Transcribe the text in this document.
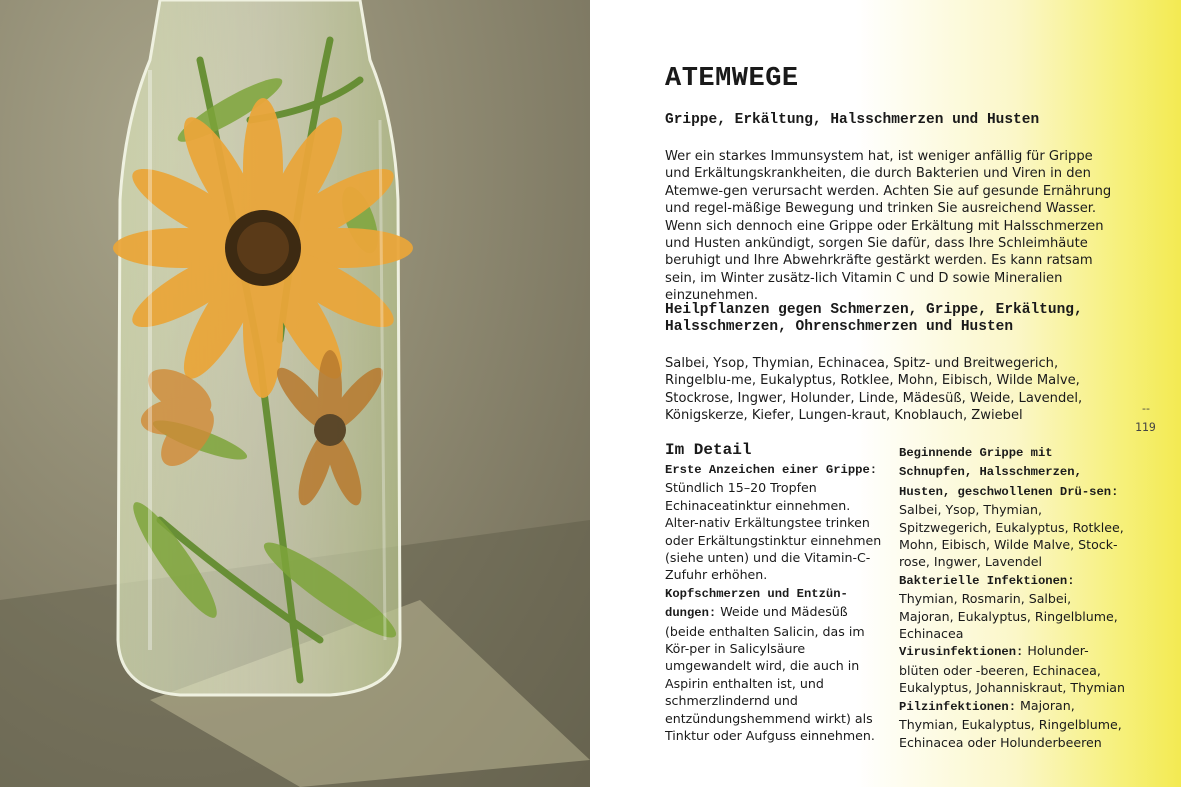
ATEMWEGE
Grippe, Erkältung, Halsschmerzen und Husten

Wer ein starkes Immunsystem hat, ist weniger anfällig für Grippe und Erkältungskrankheiten, die durch Bakterien und Viren in den Atemwe-gen verursacht werden. Achten Sie auf gesunde Ernährung und regel-mäßige Bewegung und trinken Sie ausreichend Wasser. Wenn sich dennoch eine Grippe oder Erkältung mit Halsschmerzen und Husten ankündigt, sorgen Sie dafür, dass Ihre Schleimhäute beruhigt und Ihre Abwehrkräfte gestärkt werden. Es kann ratsam sein, im Winter zusätz-lich Vitamin C und D sowie Mineralien einzunehmen.

Heilpflanzen gegen Schmerzen, Grippe, Erkältung, Halsschmerzen, Ohrenschmerzen und Husten

Salbei, Ysop, Thymian, Echinacea, Spitz- und Breitwegerich, Ringelblu-me, Eukalyptus, Rotklee, Mohn, Eibisch, Wilde Malve, Stockrose, Ingwer, Holunder, Linde, Mädesüß, Weide, Lavendel, Königskerze, Kiefer, Lungen-kraut, Knoblauch, Zwiebel

Im Detail
Erste Anzeichen einer Grippe: Stündlich 15–20 Tropfen Echinaceatinktur einnehmen. Alter-nativ Erkältungstee trinken oder Erkältungstinktur einnehmen (siehe unten) und die Vitamin-C-Zufuhr erhöhen.
Kopfschmerzen und Entzün-dungen: Weide und Mädesüß (beide enthalten Salicin, das im Kör-per in Salicylsäure umgewandelt wird, die auch in Aspirin enthalten ist, und schmerzlindernd und entzündungshemmend wirkt) als Tinktur oder Aufguss einnehmen.
Beginnende Grippe mit Schnupfen, Halsschmerzen, Husten, geschwollenen Drü-sen: Salbei, Ysop, Thymian, Spitzwegerich, Eukalyptus, Rotklee, Mohn, Eibisch, Wilde Malve, Stock-rose, Ingwer, Lavendel
Bakterielle Infektionen: Thymian, Rosmarin, Salbei, Majoran, Eukalyptus, Ringelblume, Echinacea
Virusinfektionen: Holunder-blüten oder -beeren, Echinacea, Eukalyptus, Johanniskraut, Thymian
Pilzinfektionen: Majoran, Thymian, Eukalyptus, Ringelblume, Echinacea oder Holunderbeeren
--
119
